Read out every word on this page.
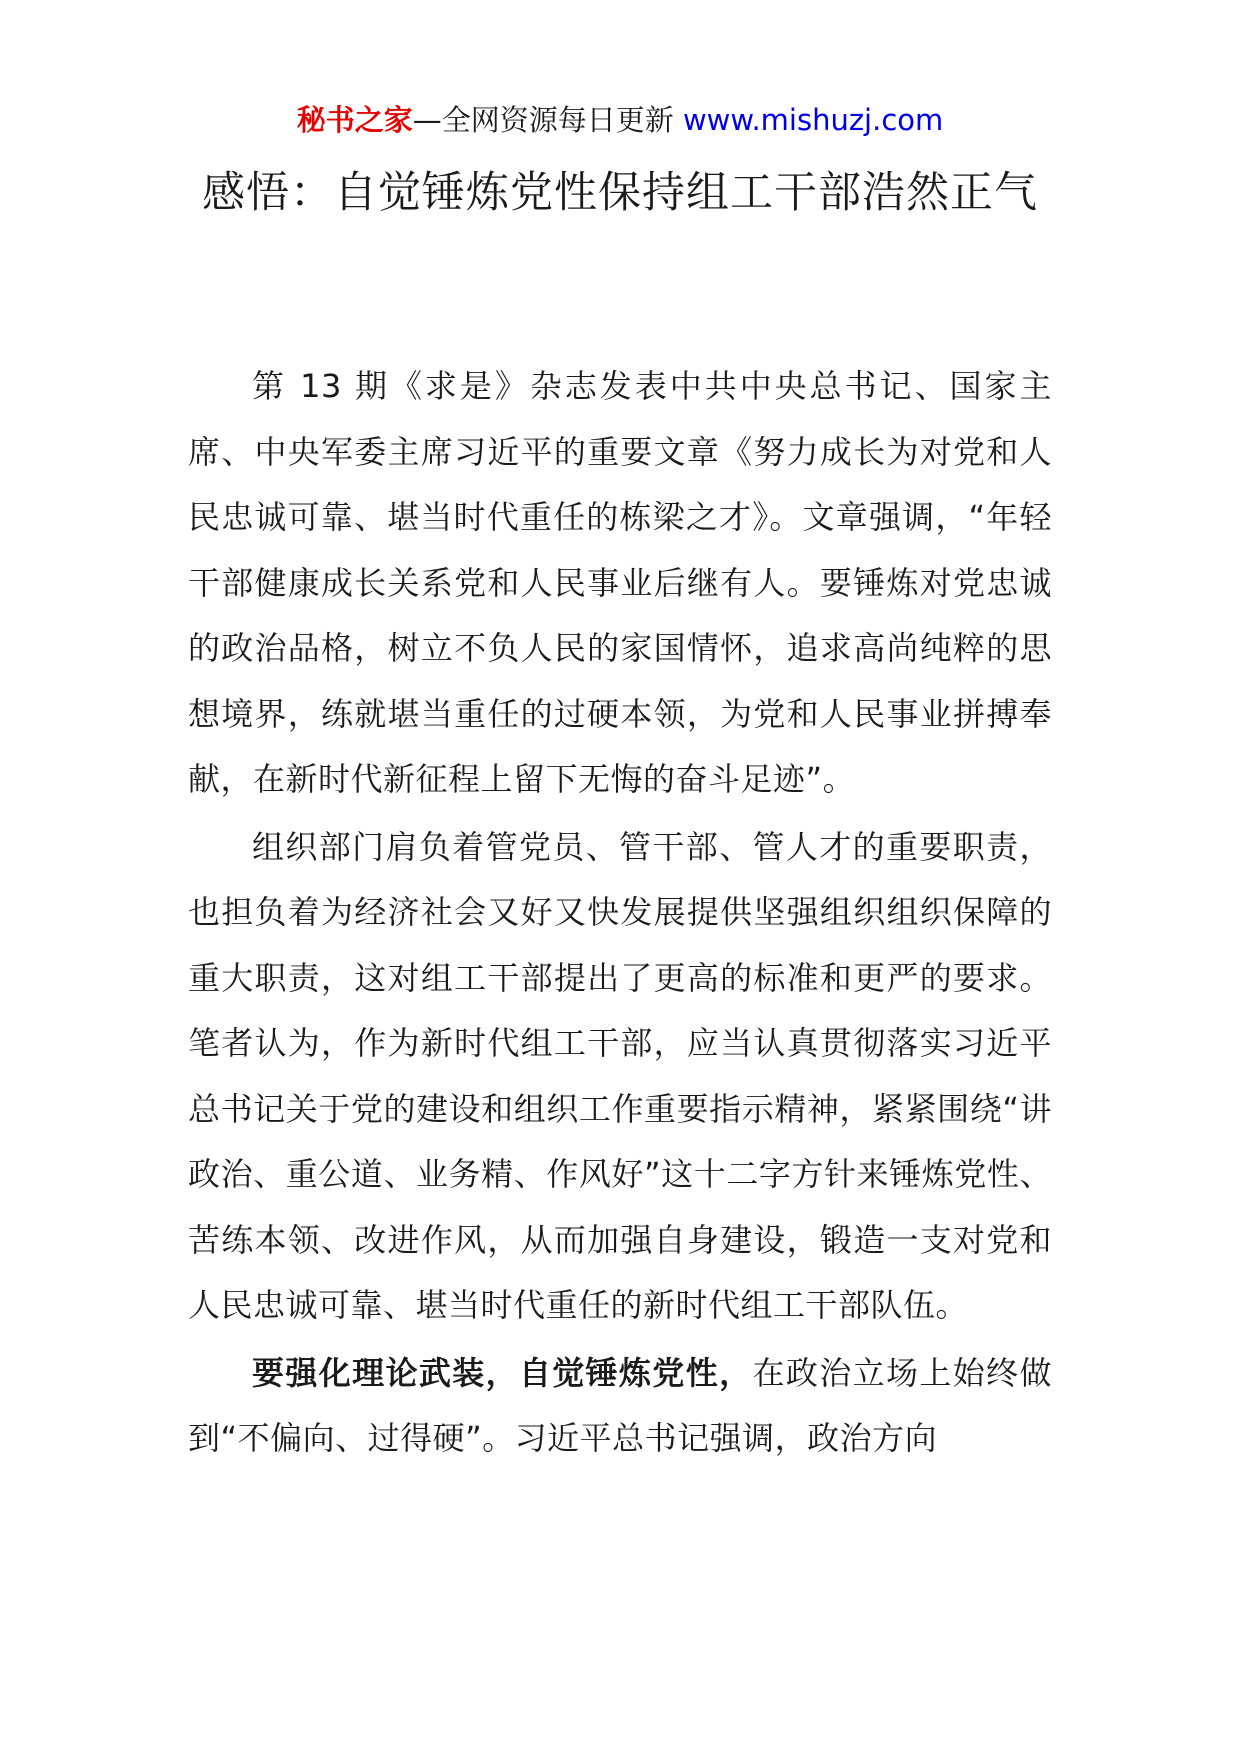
秘书之家—全网资源每日更新 www.mishuzj.com
感悟：自觉锤炼党性保持组工干部浩然正气

第 13 期《求是》杂志发表中共中央总书记、国家主席、中央军委主席习近平的重要文章《努力成长为对党和人民忠诚可靠、堪当时代重任的栋梁之才》。文章强调，“年轻干部健康成长关系党和人民事业后继有人。要锤炼对党忠诚的政治品格，树立不负人民的家国情怀，追求高尚纯粹的思想境界，练就堪当重任的过硬本领，为党和人民事业拼搏奉献，在新时代新征程上留下无悔的奋斗足迹”。

组织部门肩负着管党员、管干部、管人才的重要职责，也担负着为经济社会又好又快发展提供坚强组织组织保障的重大职责，这对组工干部提出了更高的标准和更严的要求。笔者认为，作为新时代组工干部，应当认真贯彻落实习近平总书记关于党的建设和组织工作重要指示精神，紧紧围绕“讲政治、重公道、业务精、作风好”这十二字方针来锤炼党性、苦练本领、改进作风，从而加强自身建设，锻造一支对党和人民忠诚可靠、堪当时代重任的新时代组工干部队伍。

要强化理论武装，自觉锤炼党性，在政治立场上始终做到“不偏向、过得硬”。习近平总书记强调，政治方向
